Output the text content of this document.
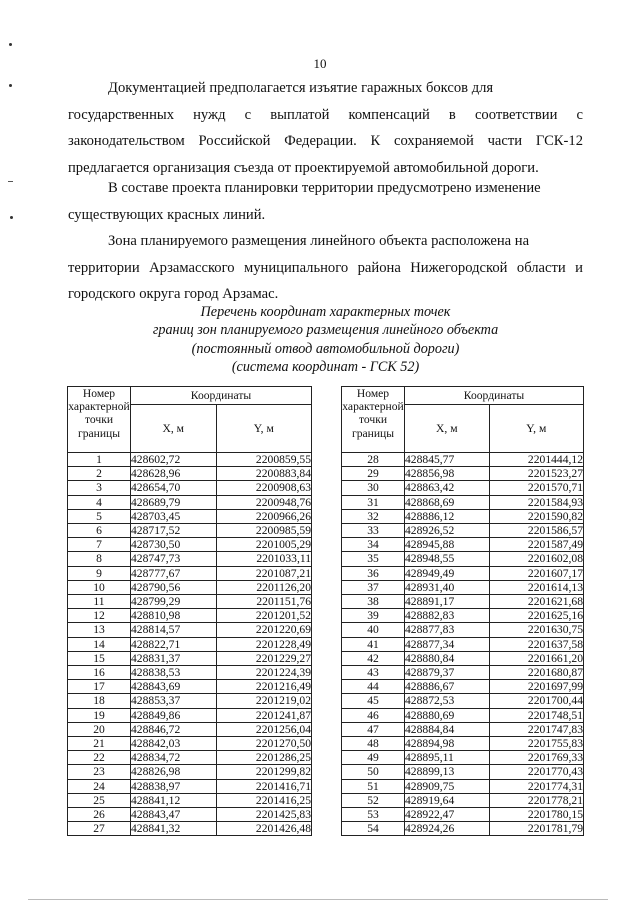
10

Документацией предполагается изъятие гаражных боксов для
государственных нужд с выплатой компенсаций в соответствии с законодательством Российской Федерации. К сохраняемой части ГСК-12 предлагается организация съезда от проектируемой автомобильной дороги.

В составе проекта планировки территории предусмотрено изменение
существующих красных линий.

Зона планируемого размещения линейного объекта расположена на
территории Арзамасского муниципального района Нижегородской области и городского округа город Арзамас.

Перечень координат характерных точек
границ зон планируемого размещения линейного объекта
(постоянный отвод автомобильной дороги)
(система координат - ГСК 52)
Номер характерной точки границы	Координаты	
	X, м	Y, м
1	428602,72	2200859,55
2	428628,96	2200883,84
3	428654,70	2200908,63
4	428689,79	2200948,76
5	428703,45	2200966,26
6	428717,52	2200985,59
7	428730,50	2201005,29
8	428747,73	2201033,11
9	428777,67	2201087,21
10	428790,56	2201126,20
11	428799,29	2201151,76
12	428810,98	2201201,52
13	428814,57	2201220,69
14	428822,71	2201228,49
15	428831,37	2201229,27
16	428838,53	2201224,39
17	428843,69	2201216,49
18	428853,37	2201219,02
19	428849,86	2201241,87
20	428846,72	2201256,04
21	428842,03	2201270,50
22	428834,72	2201286,25
23	428826,98	2201299,82
24	428838,97	2201416,71
25	428841,12	2201416,25
26	428843,47	2201425,83
27	428841,32	2201426,48
Номер характерной точки границы	Координаты	
	X, м	Y, м
28	428845,77	2201444,12
29	428856,98	2201523,27
30	428863,42	2201570,71
31	428868,69	2201584,93
32	428886,12	2201590,82
33	428926,52	2201586,57
34	428945,88	2201587,49
35	428948,55	2201602,08
36	428949,49	2201607,17
37	428931,40	2201614,13
38	428891,17	2201621,68
39	428882,83	2201625,16
40	428877,83	2201630,75
41	428877,34	2201637,58
42	428880,84	2201661,20
43	428879,37	2201680,87
44	428886,67	2201697,99
45	428872,53	2201700,44
46	428880,69	2201748,51
47	428884,84	2201747,83
48	428894,98	2201755,83
49	428895,11	2201769,33
50	428899,13	2201770,43
51	428909,75	2201774,31
52	428919,64	2201778,21
53	428922,47	2201780,15
54	428924,26	2201781,79
